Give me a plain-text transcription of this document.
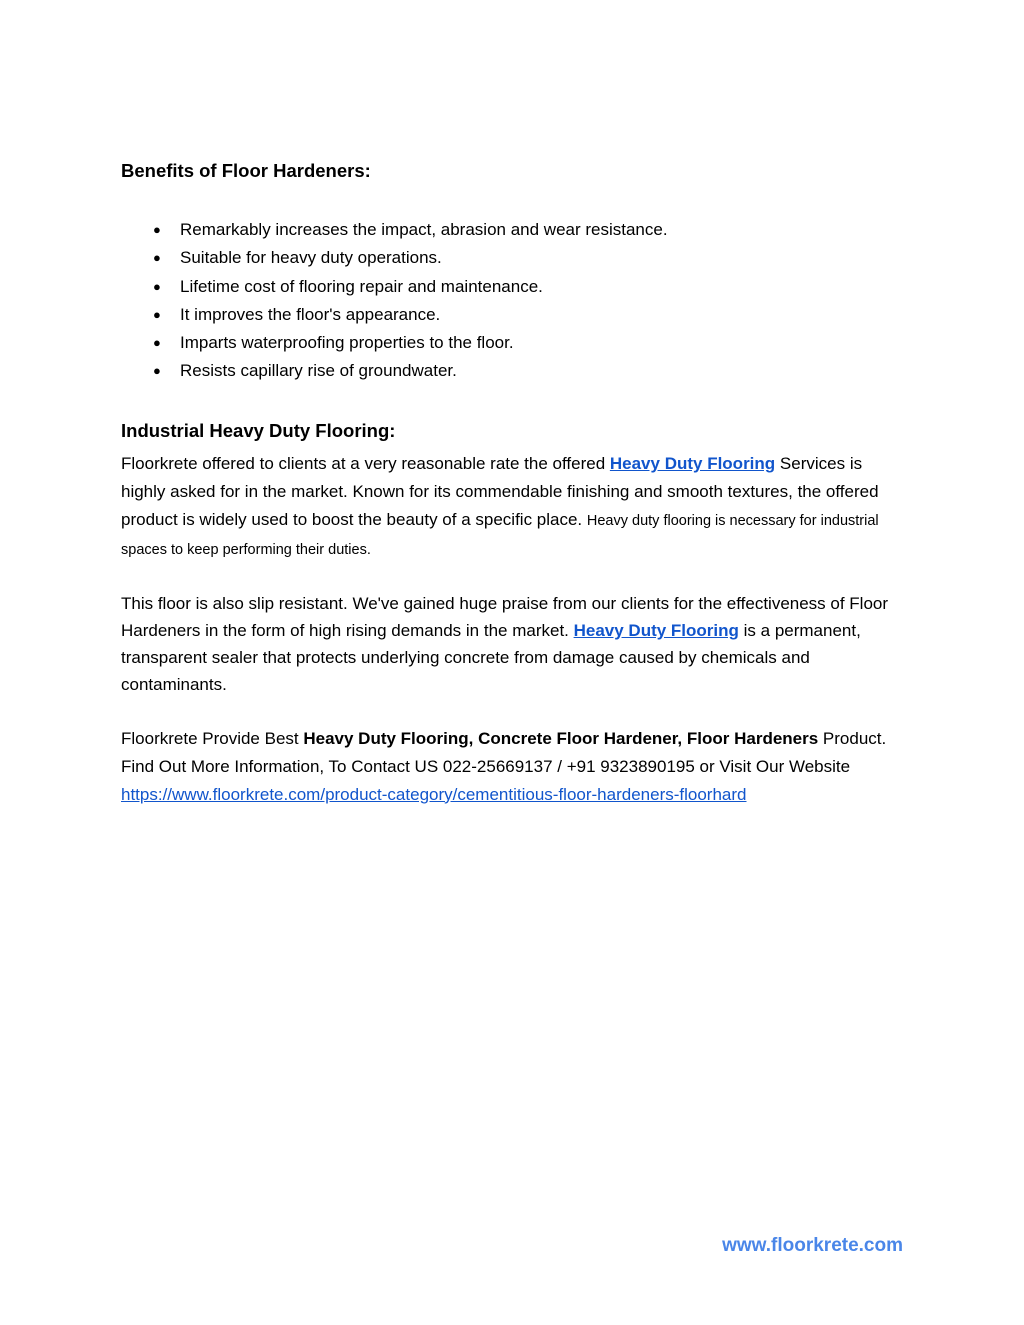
Benefits of Floor Hardeners:
● Remarkably increases the impact, abrasion and wear resistance.
● Suitable for heavy duty operations.
● Lifetime cost of flooring repair and maintenance.
● It improves the floor's appearance.
● Imparts waterproofing properties to the floor.
● Resists capillary rise of groundwater.
Industrial Heavy Duty Flooring:

Floorkrete offered to clients at a very reasonable rate the offered Heavy Duty Flooring Services is highly asked for in the market. Known for its commendable finishing and smooth textures, the offered product is widely used to boost the beauty of a specific place. Heavy duty flooring is necessary for industrial spaces to keep performing their duties.

This floor is also slip resistant. We've gained huge praise from our clients for the effectiveness of Floor Hardeners in the form of high rising demands in the market. Heavy Duty Flooring is a permanent, transparent sealer that protects underlying concrete from damage caused by chemicals and contaminants.

Floorkrete Provide Best Heavy Duty Flooring, Concrete Floor Hardener, Floor Hardeners Product. Find Out More Information, To Contact US 022-25669137 / +91 9323890195 or Visit Our Website
https://www.floorkrete.com/product-category/cementitious-floor-hardeners-floorhard

www.floorkrete.com
